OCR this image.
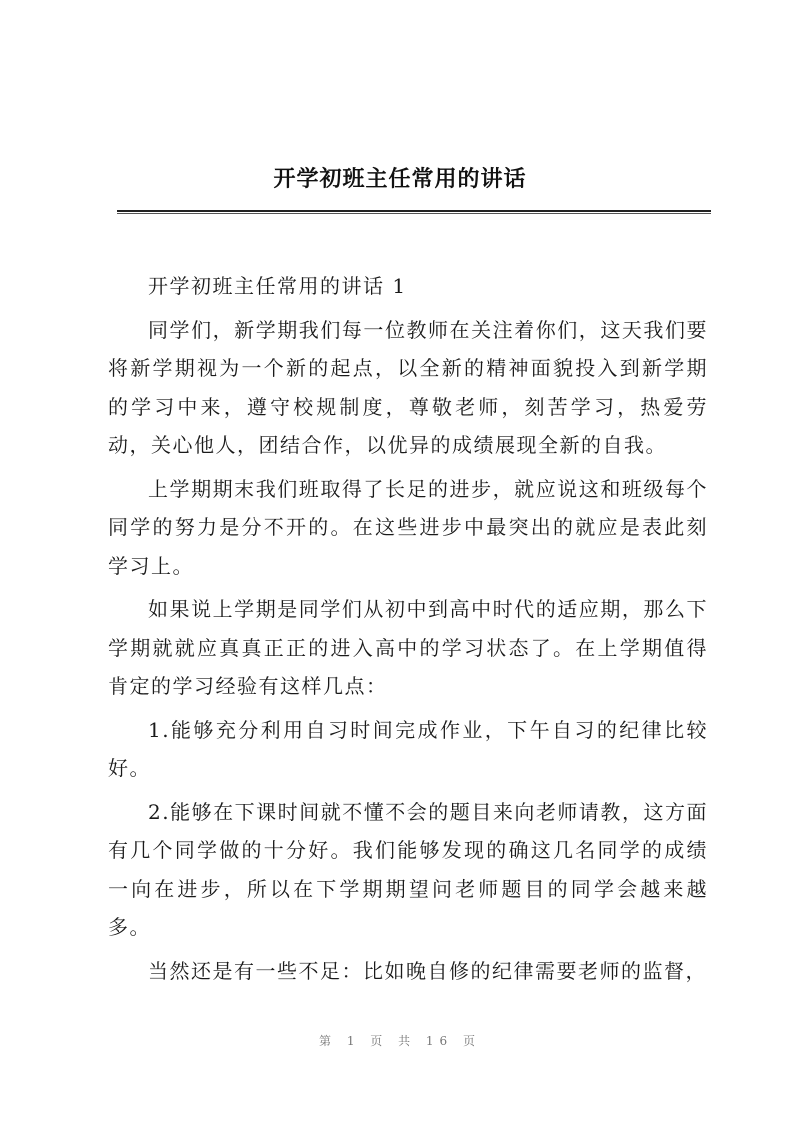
开学初班主任常用的讲话

开学初班主任常用的讲话 1

同学们，新学期我们每一位教师在关注着你们，这天我们要将新学期视为一个新的起点，以全新的精神面貌投入到新学期的学习中来，遵守校规制度，尊敬老师，刻苦学习，热爱劳动，关心他人，团结合作，以优异的成绩展现全新的自我。

上学期期末我们班取得了长足的进步，就应说这和班级每个同学的努力是分不开的。在这些进步中最突出的就应是表此刻学习上。

如果说上学期是同学们从初中到高中时代的适应期，那么下学期就就应真真正正的进入高中的学习状态了。在上学期值得肯定的学习经验有这样几点：

1.能够充分利用自习时间完成作业，下午自习的纪律比较好。

2.能够在下课时间就不懂不会的题目来向老师请教，这方面有几个同学做的十分好。我们能够发现的确这几名同学的成绩一向在进步，所以在下学期期望问老师题目的同学会越来越多。

当然还是有一些不足：比如晚自修的纪律需要老师的监督，

第 1 页 共 16 页
